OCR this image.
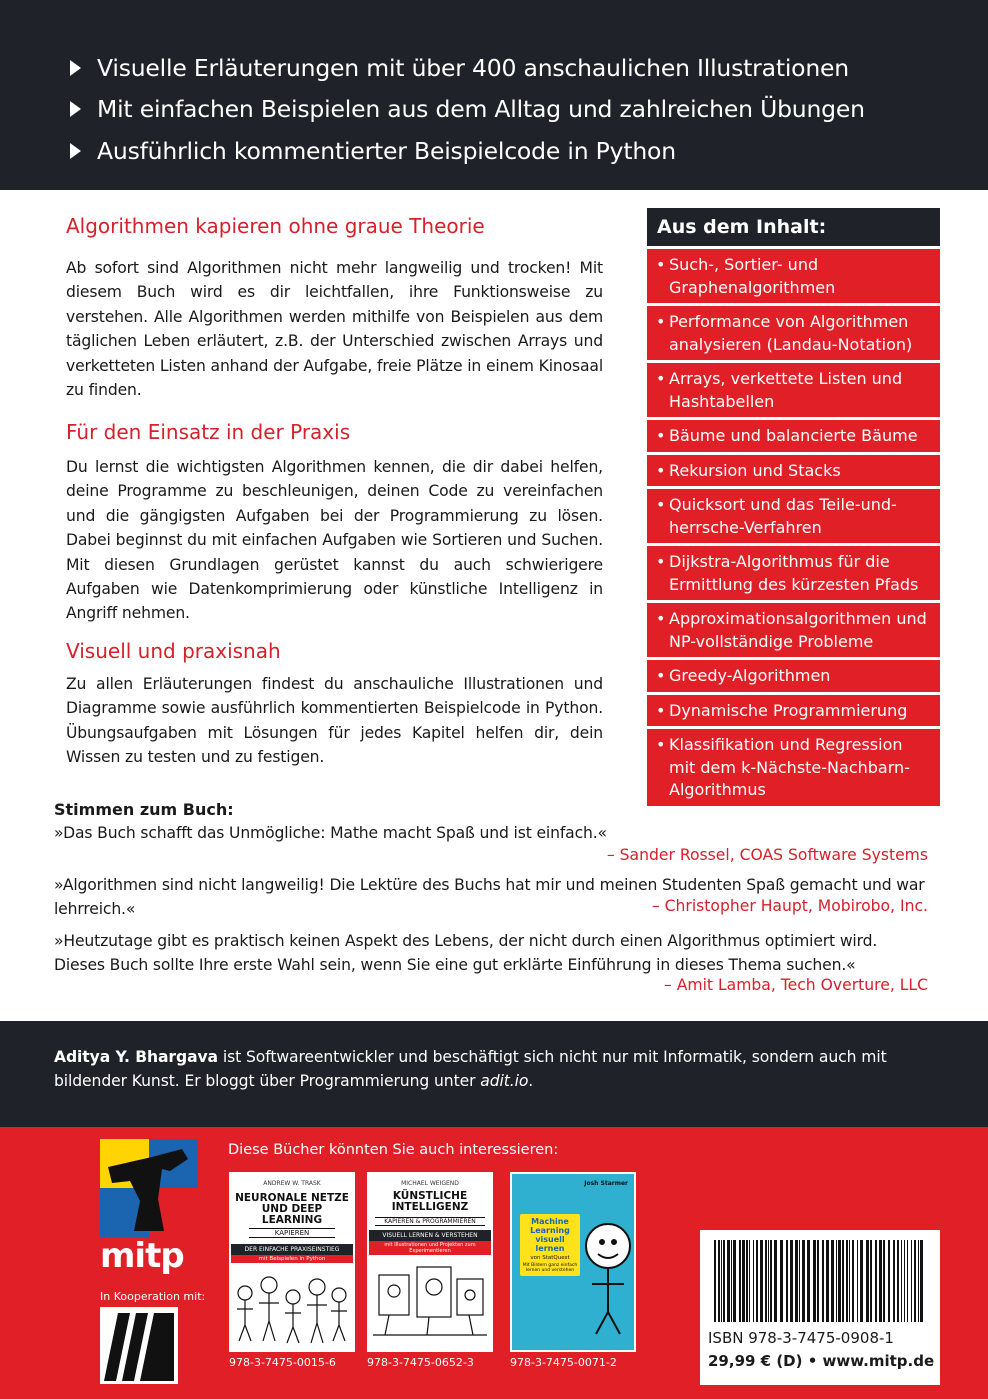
Visuelle Erläuterungen mit über 400 anschaulichen Illustrationen
Mit einfachen Beispielen aus dem Alltag und zahlreichen Übungen
Ausführlich kommentierter Beispielcode in Python
Algorithmen kapieren ohne graue Theorie
Ab sofort sind Algorithmen nicht mehr langweilig und trocken! Mit diesem Buch wird es dir leichtfallen, ihre Funktionsweise zu verstehen. Alle Algorithmen werden mithilfe von Beispielen aus dem täglichen Leben erläutert, z.B. der Unterschied zwischen Arrays und verketteten Listen anhand der Aufgabe, freie Plätze in einem Kinosaal zu finden.
Für den Einsatz in der Praxis
Du lernst die wichtigsten Algorithmen kennen, die dir dabei helfen, deine Programme zu beschleunigen, deinen Code zu vereinfachen und die gängigsten Aufgaben bei der Programmierung zu lösen. Dabei beginnst du mit einfachen Aufgaben wie Sortieren und Suchen. Mit diesen Grundlagen gerüstet kannst du auch schwierigere Aufgaben wie Datenkomprimierung oder künstliche Intelligenz in Angriff nehmen.
Visuell und praxisnah
Zu allen Erläuterungen findest du anschauliche Illustrationen und Diagramme sowie ausführlich kommentierten Beispielcode in Python. Übungsaufgaben mit Lösungen für jedes Kapitel helfen dir, dein Wissen zu testen und zu festigen.
Aus dem Inhalt:
• Such-, Sortier- und Graphenalgorithmen
• Performance von Algorithmen analysieren (Landau-Notation)
• Arrays, verkettete Listen und Hashtabellen
• Bäume und balancierte Bäume
• Rekursion und Stacks
• Quicksort und das Teile-und-herrsche-Verfahren
• Dijkstra-Algorithmus für die Ermittlung des kürzesten Pfads
• Approximationsalgorithmen und NP-vollständige Probleme
• Greedy-Algorithmen
• Dynamische Programmierung
• Klassifikation und Regression mit dem k-Nächste-Nachbarn-Algorithmus
Stimmen zum Buch:
»Das Buch schafft das Unmögliche: Mathe macht Spaß und ist einfach.«
– Sander Rossel, COAS Software Systems
»Algorithmen sind nicht langweilig! Die Lektüre des Buchs hat mir und meinen Studenten Spaß gemacht und war lehrreich.«	– Christopher Haupt, Mobirobo, Inc.
»Heutzutage gibt es praktisch keinen Aspekt des Lebens, der nicht durch einen Algorithmus optimiert wird. Dieses Buch sollte Ihre erste Wahl sein, wenn Sie eine gut erklärte Einführung in dieses Thema suchen.«
– Amit Lamba, Tech Overture, LLC
Aditya Y. Bhargava ist Softwareentwickler und beschäftigt sich nicht nur mit Informatik, sondern auch mit bildender Kunst. Er bloggt über Programmierung unter adit.io.
mitp
In Kooperation mit:
Diese Bücher könnten Sie auch interessieren:
ANDREW W. TRASK
NEURONALE NETZE UND DEEP LEARNING
KAPIEREN
DER EINFACHE PRAXISEINSTIEG
mit Beispielen in Python
978-3-7475-0015-6
MICHAEL WEIGEND
KÜNSTLICHE INTELLIGENZ
KAPIEREN & PROGRAMMIEREN
VISUELL LERNEN & VERSTEHEN
mit Illustrationen und Projekten zum Experimentieren
978-3-7475-0652-3
Josh Starmer
Machine Learning visuell lernen
von StatQuest
Mit Bildern ganz einfach lernen und verstehen
978-3-7475-0071-2
ISBN 978-3-7475-0908-1
29,99 € (D) • www.mitp.de
